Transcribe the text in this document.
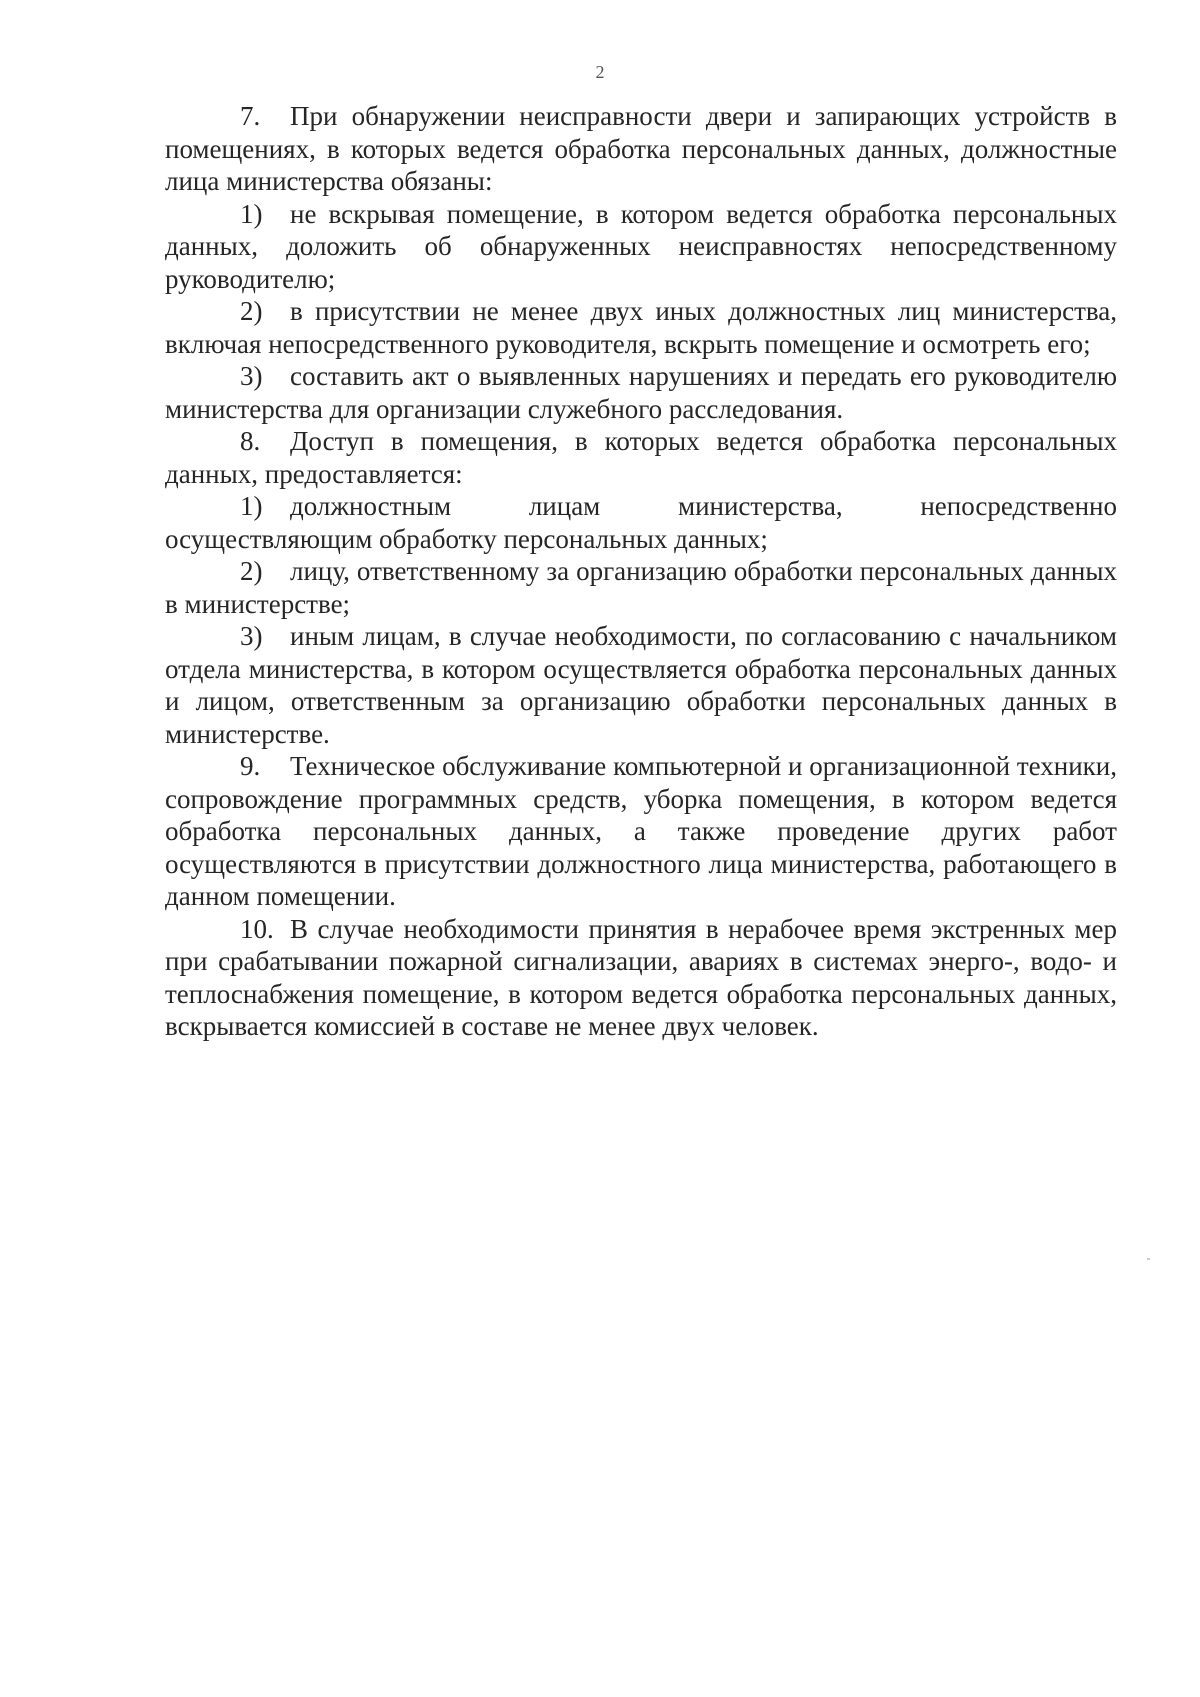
2

7. При обнаружении неисправности двери и запирающих устройств в помещениях, в которых ведется обработка персональных данных, должностные лица министерства обязаны:

1) не вскрывая помещение, в котором ведется обработка персональных данных, доложить об обнаруженных неисправностях непосредственному руководителю;

2) в присутствии не менее двух иных должностных лиц министерства, включая непосредственного руководителя, вскрыть помещение и осмотреть его;

3) составить акт о выявленных нарушениях и передать его руководителю министерства для организации служебного расследования.

8. Доступ в помещения, в которых ведется обработка персональных данных, предоставляется:

1) должностным лицам министерства, непосредственно осуществляющим обработку персональных данных;

2) лицу, ответственному за организацию обработки персональных данных в министерстве;

3) иным лицам, в случае необходимости, по согласованию с начальником отдела министерства, в котором осуществляется обработка персональных данных и лицом, ответственным за организацию обработки персональных данных в министерстве.

9. Техническое обслуживание компьютерной и организационной техники, сопровождение программных средств, уборка помещения, в котором ведется обработка персональных данных, а также проведение других работ осуществляются в присутствии должностного лица министерства, работающего в данном помещении.

10. В случае необходимости принятия в нерабочее время экстренных мер при срабатывании пожарной сигнализации, авариях в системах энерго-, водо- и теплоснабжения помещение, в котором ведется обработка персональных данных, вскрывается комиссией в составе не менее двух человек.
